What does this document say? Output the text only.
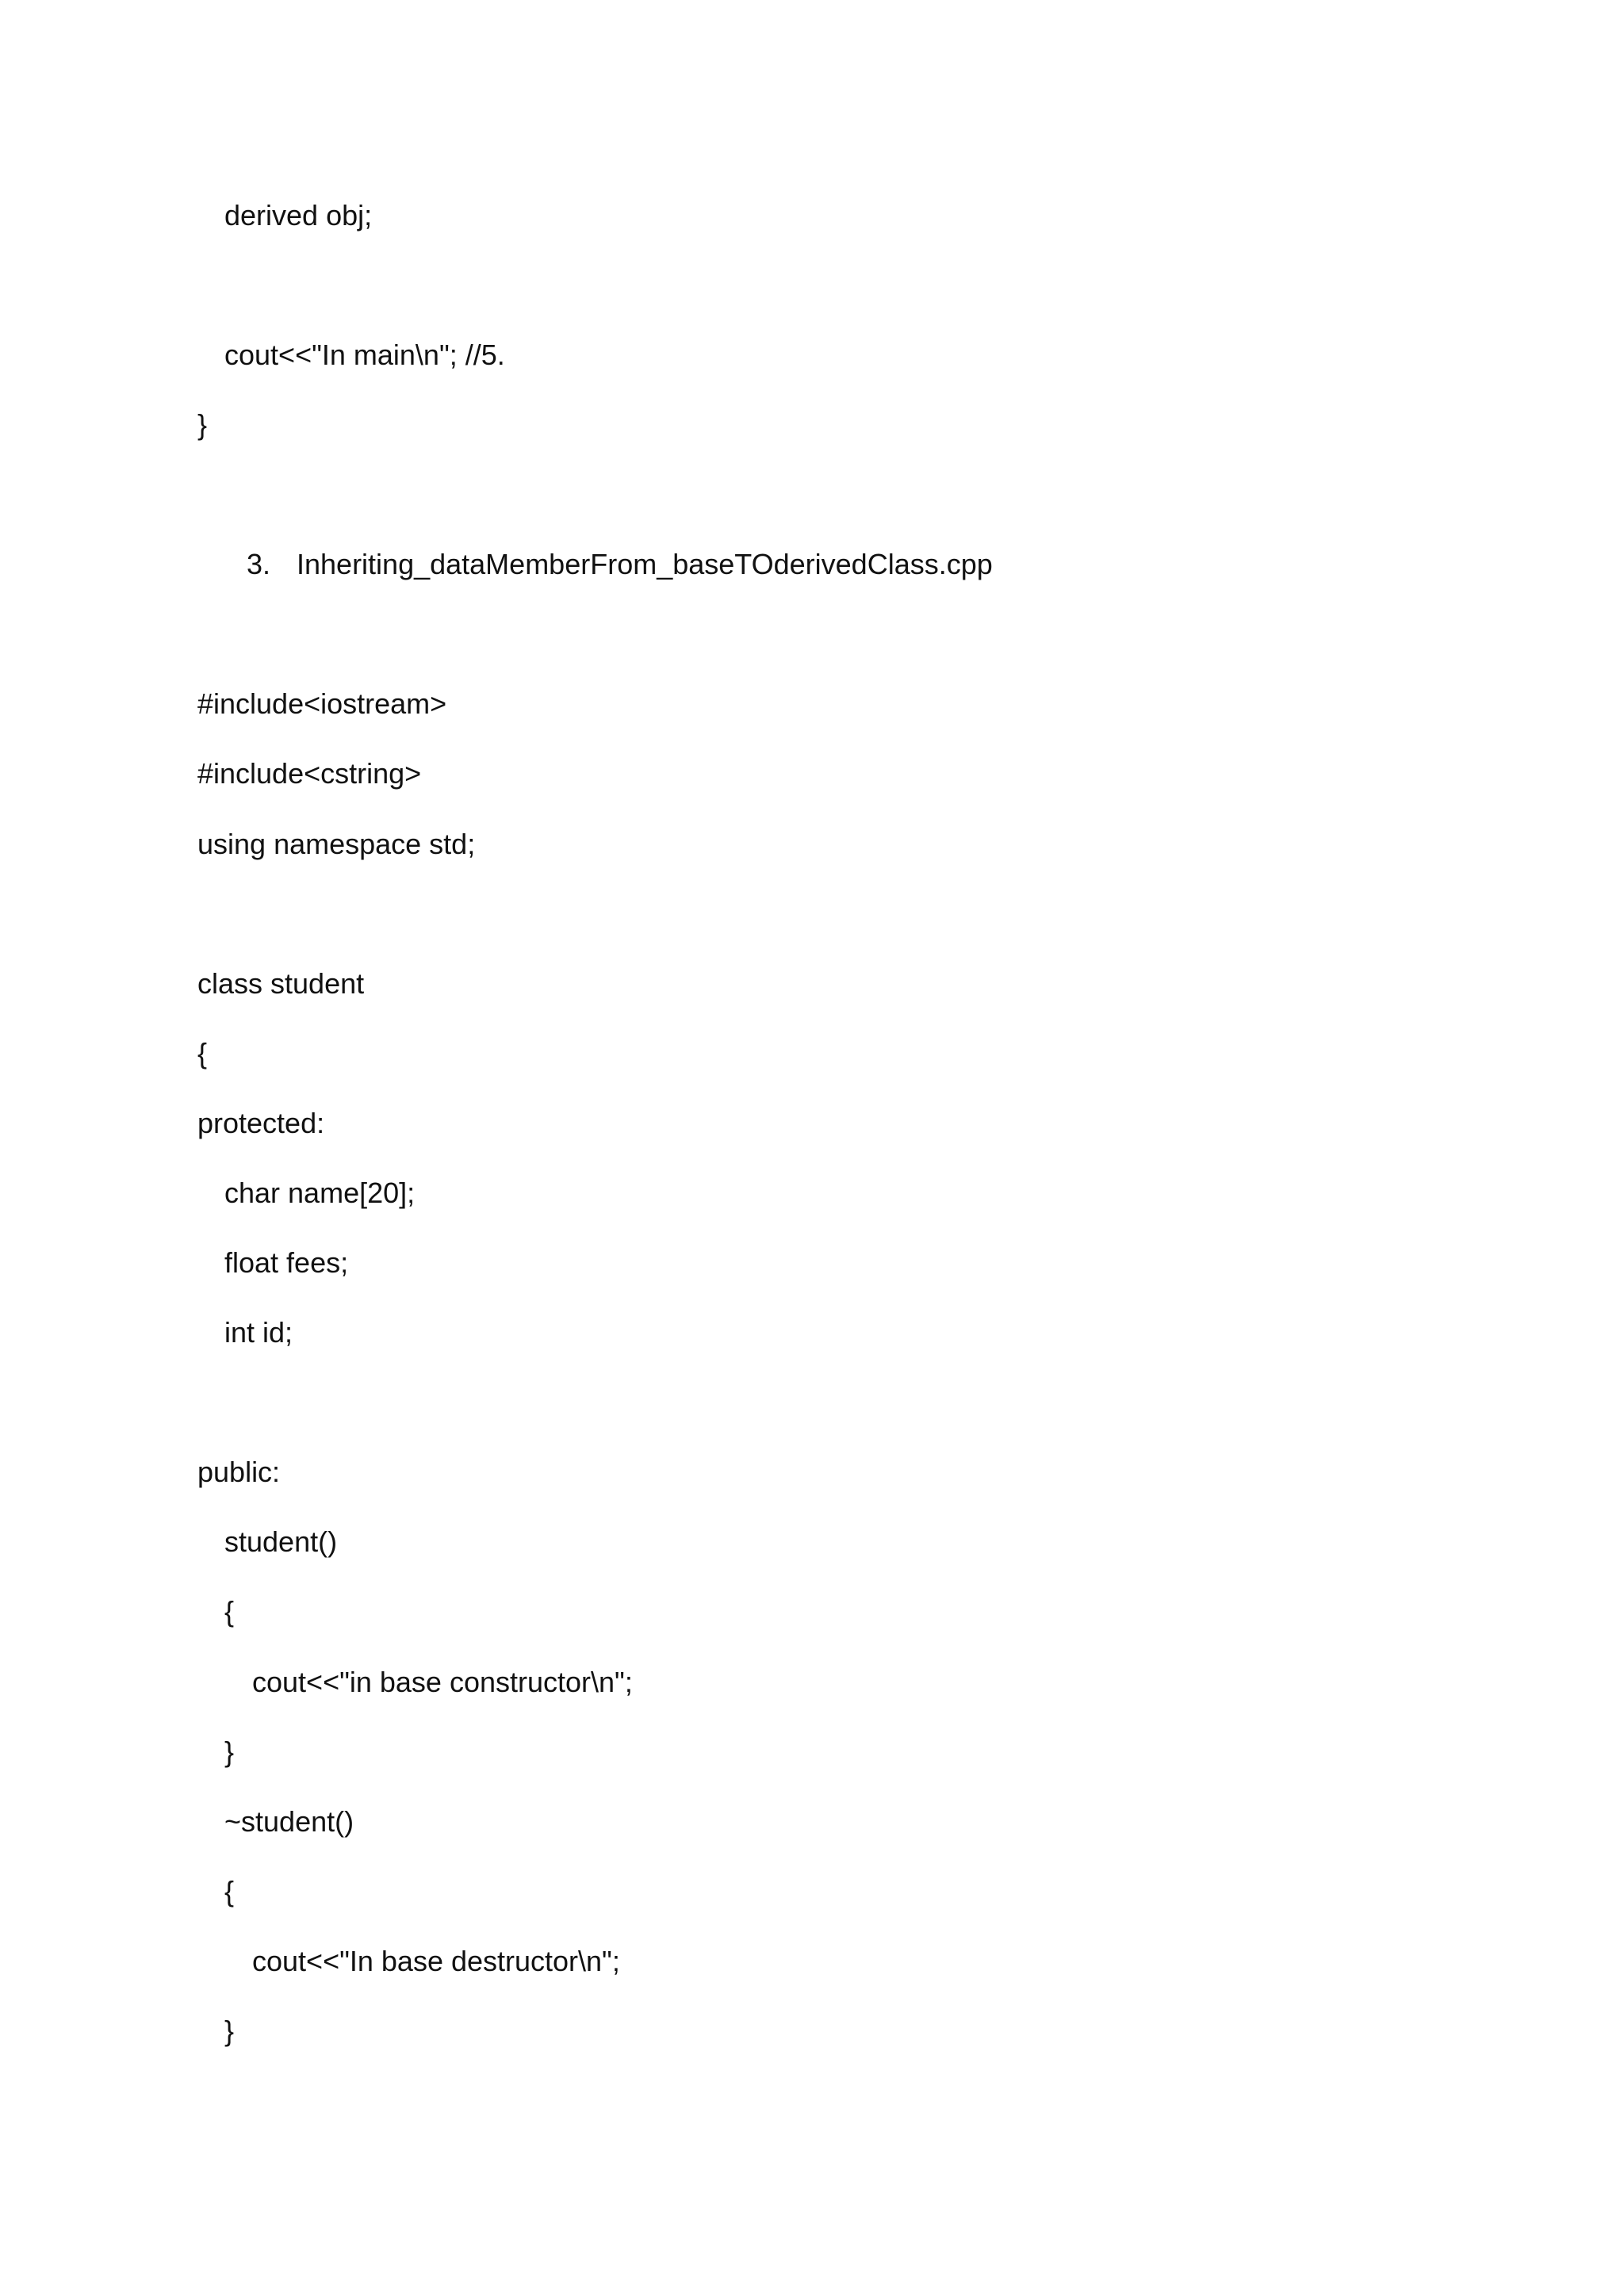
derived obj;
cout<<"In main\n"; //5.
}
3. Inheriting_dataMemberFrom_baseTOderivedClass.cpp
#include<iostream>
#include<cstring>
using namespace std;
class student
{
protected:
char name[20];
float fees;
int id;
public:
student()
{
cout<<"in base constructor\n";
}
~student()
{
cout<<"In base destructor\n";
}
